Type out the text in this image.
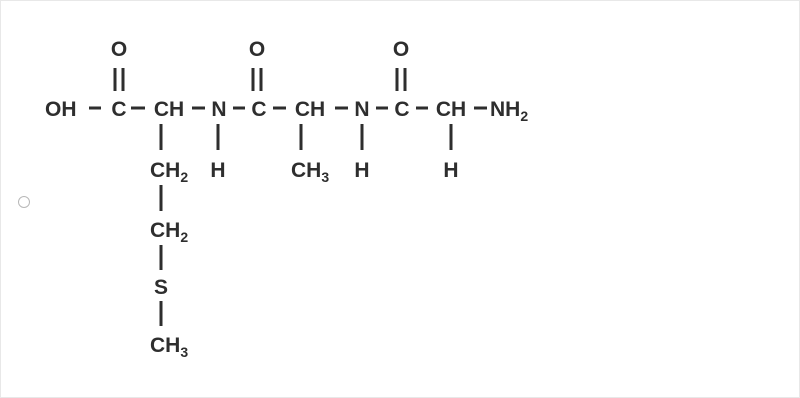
O	O	O
OH C CH N C CH N C CH NH2
H	H	H
CH3
CH2
CH2
S
CH3
